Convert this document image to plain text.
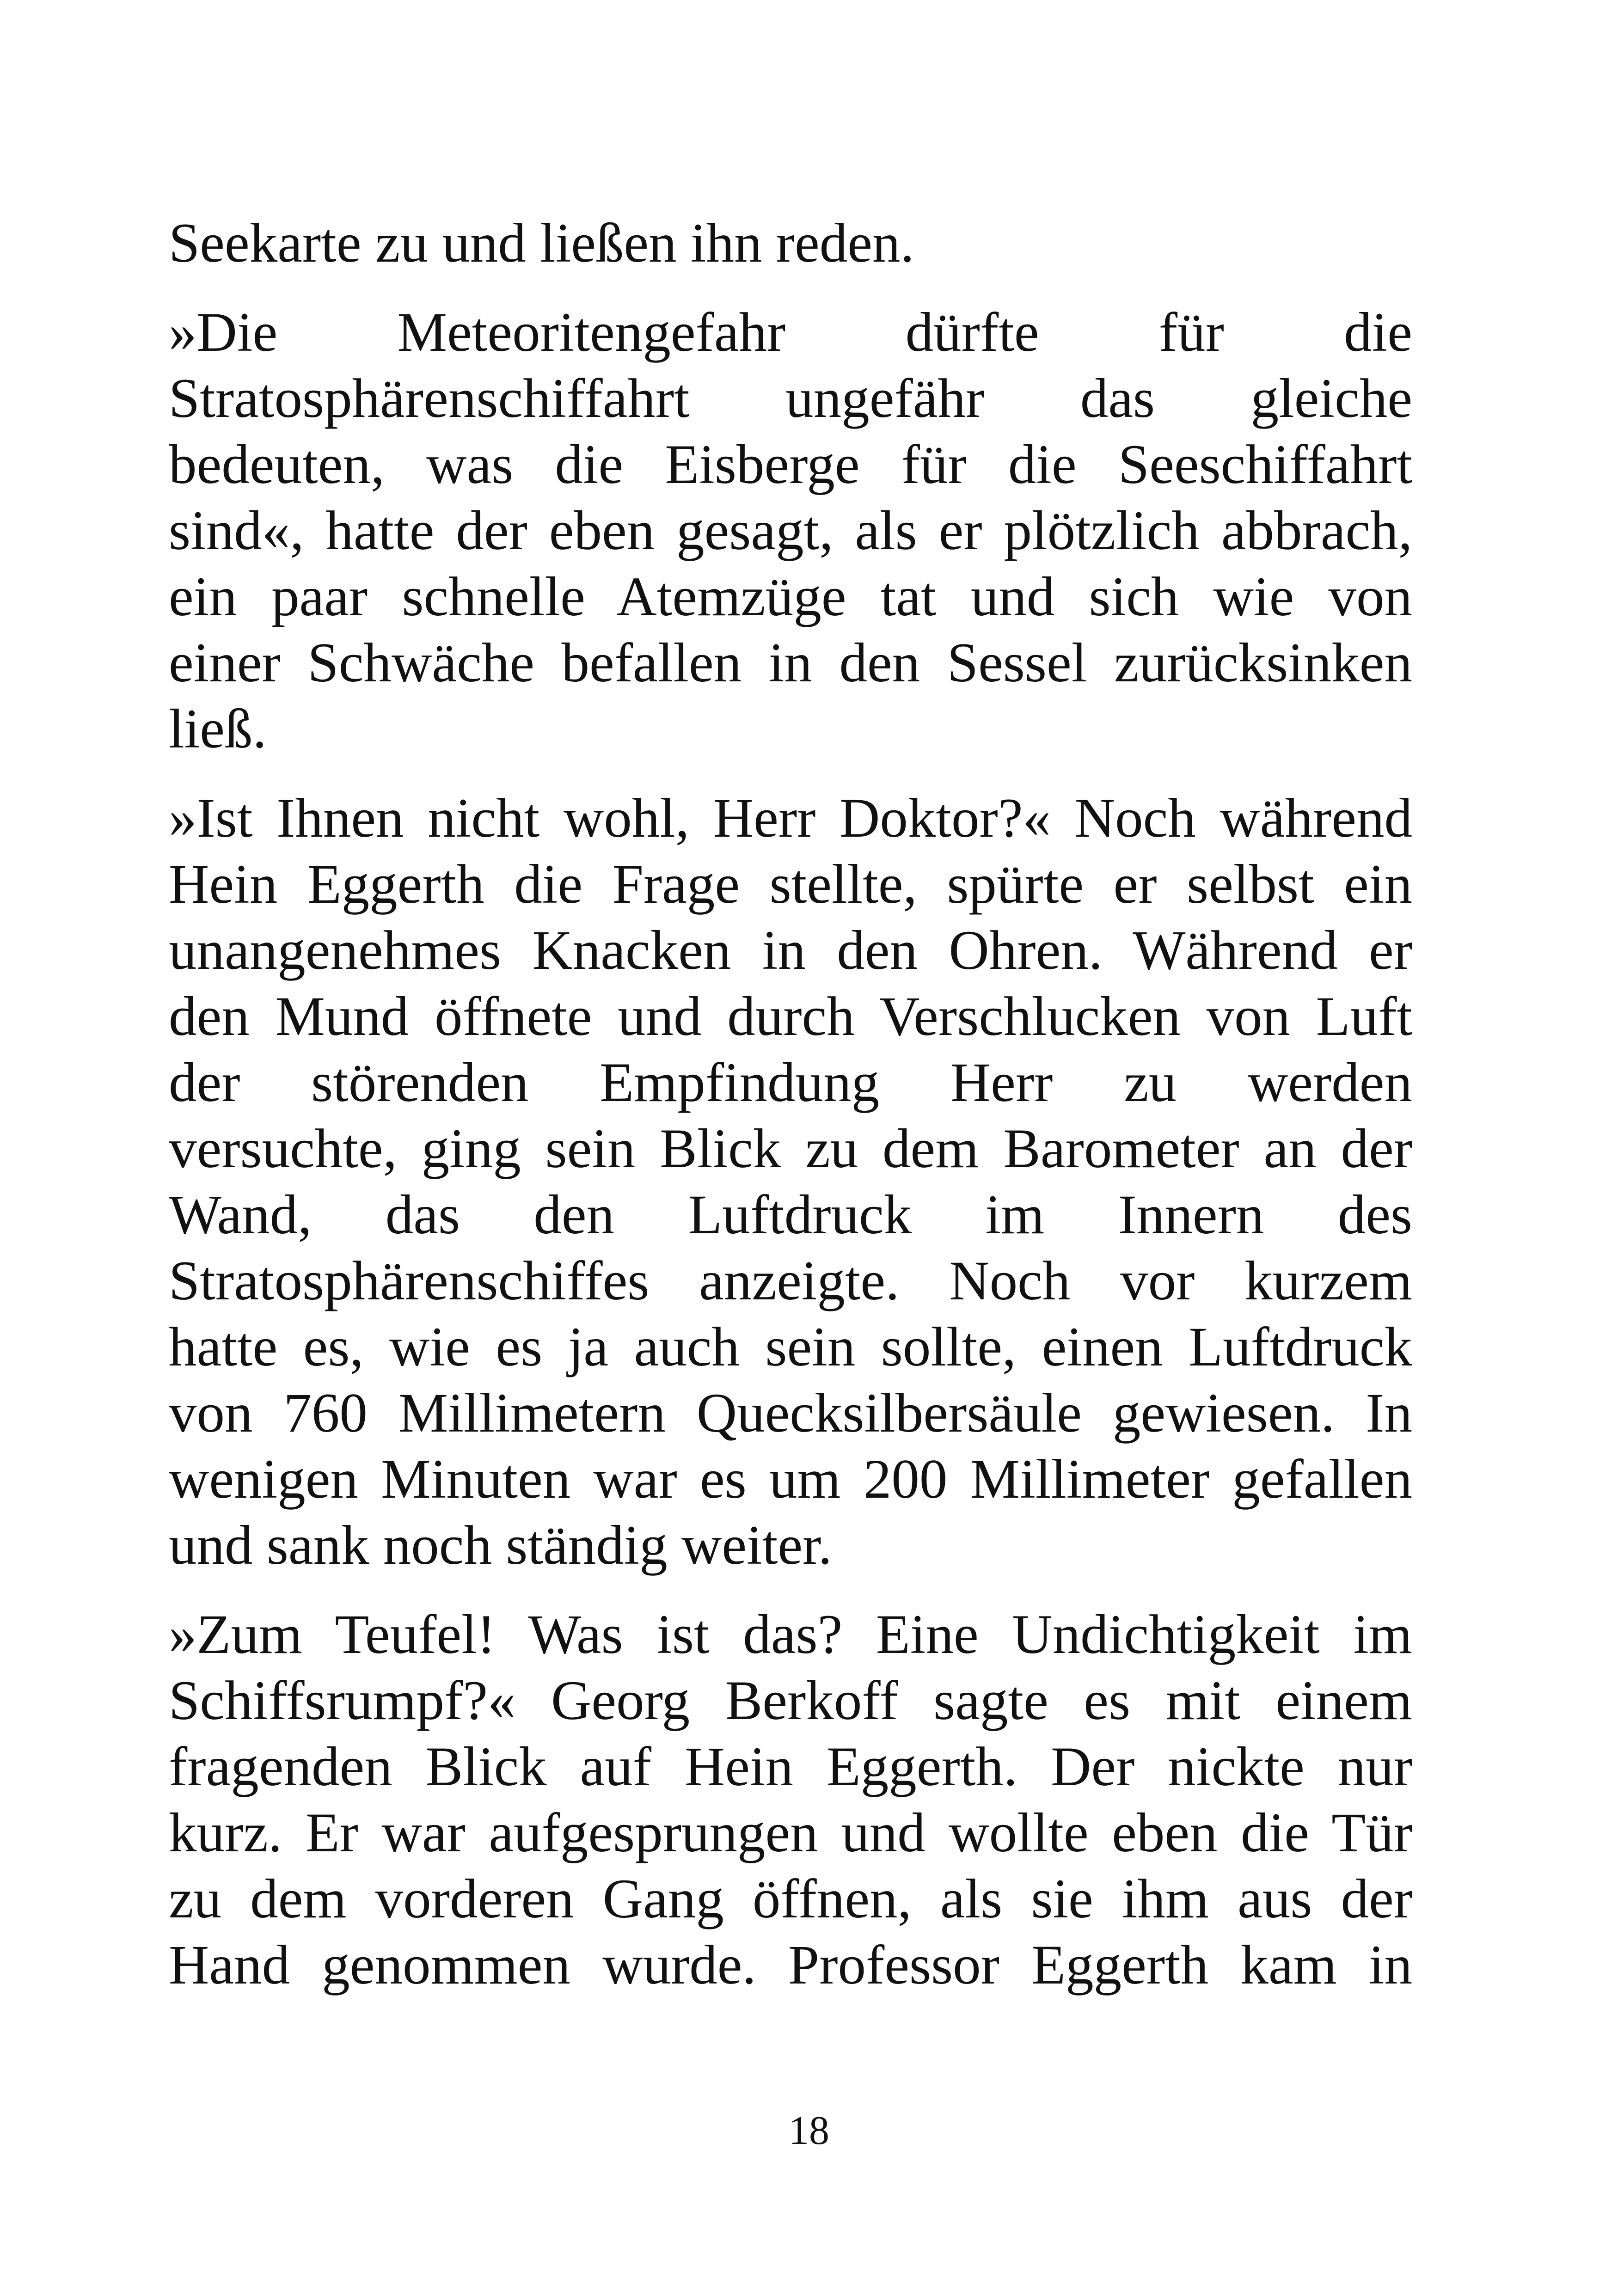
Seekarte zu und ließen ihn reden.
»Die Meteoritengefahr dürfte für die
Stratosphärenschiffahrt ungefähr das gleiche
bedeuten, was die Eisberge für die Seeschiffahrt
sind«, hatte der eben gesagt, als er plötzlich abbrach,
ein paar schnelle Atemzüge tat und sich wie von
einer Schwäche befallen in den Sessel zurücksinken
ließ.
»Ist Ihnen nicht wohl, Herr Doktor?« Noch während
Hein Eggerth die Frage stellte, spürte er selbst ein
unangenehmes Knacken in den Ohren. Während er
den Mund öffnete und durch Verschlucken von Luft
der störenden Empfindung Herr zu werden
versuchte, ging sein Blick zu dem Barometer an der
Wand, das den Luftdruck im Innern des
Stratosphärenschiffes anzeigte. Noch vor kurzem
hatte es, wie es ja auch sein sollte, einen Luftdruck
von 760 Millimetern Quecksilbersäule gewiesen. In
wenigen Minuten war es um 200 Millimeter gefallen
und sank noch ständig weiter.
»Zum Teufel! Was ist das? Eine Undichtigkeit im
Schiffsrumpf?« Georg Berkoff sagte es mit einem
fragenden Blick auf Hein Eggerth. Der nickte nur
kurz. Er war aufgesprungen und wollte eben die Tür
zu dem vorderen Gang öffnen, als sie ihm aus der
Hand genommen wurde. Professor Eggerth kam in
18
